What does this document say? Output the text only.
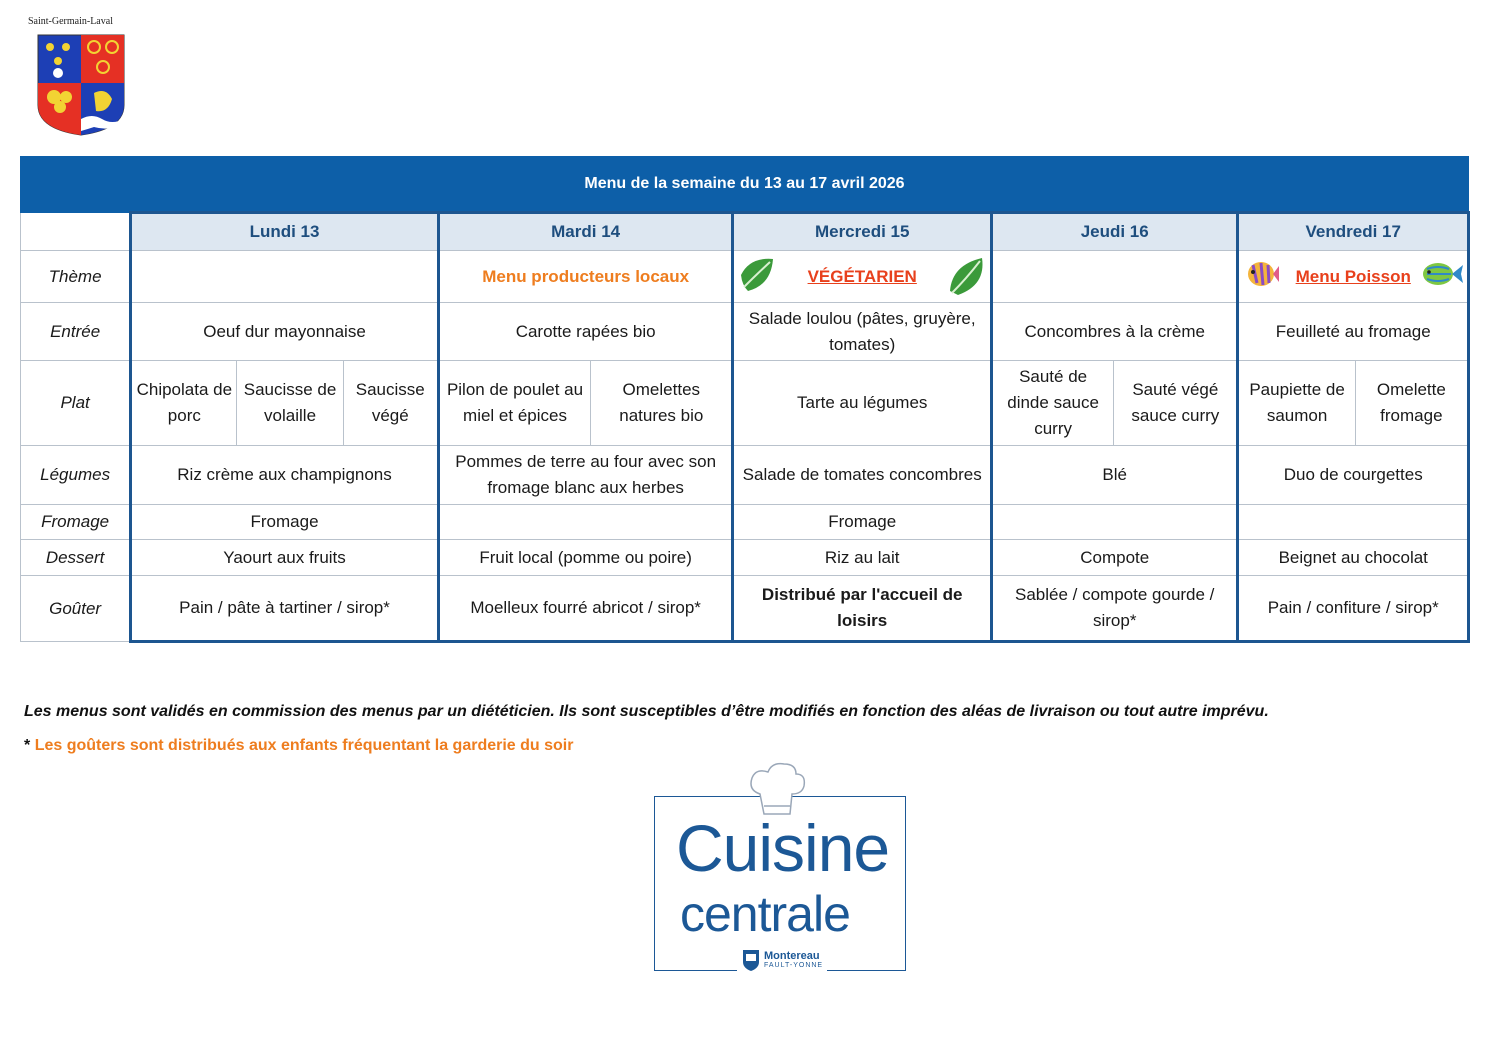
Saint-Germain-Laval
Menu de la semaine du 13 au 17 avril 2026										
	Lundi 13			Mardi 14		Mercredi 15	Jeudi 16		Vendredi 17	
Thème				Menu producteurs locaux		VÉGÉTARIEN			Menu Poisson	

Entrée	Oeuf dur mayonnaise			Carotte rapées bio		Salade loulou (pâtes, gruyère, tomates)	Concombres à la crème		Feuilleté au fromage	
Plat	Chipolata de porc	Saucisse de volaille	Saucisse végé	Pilon de poulet au miel et épices	Omelettes natures bio	Tarte au légumes	Sauté de dinde sauce curry	Sauté végé sauce curry	Paupiette de saumon	Omelette fromage
Légumes	Riz crème aux champignons			Pommes de terre au four avec son fromage blanc aux herbes		Salade de tomates concombres	Blé		Duo de courgettes	
Fromage	Fromage					Fromage				
Dessert	Yaourt aux fruits			Fruit local (pomme ou poire)		Riz au lait	Compote		Beignet au chocolat	
Goûter	Pain / pâte à tartiner / sirop*			Moelleux fourré abricot / sirop*		Distribué par l'accueil de loisirs	Sablée / compote gourde / sirop*		Pain / confiture / sirop*	
Les menus sont validés en commission des menus par un diététicien. Ils sont susceptibles d’être modifiés en fonction des aléas de livraison ou tout autre imprévu.
* Les goûters sont distribués aux enfants fréquentant la garderie du soir
Cuisine
centrale
Montereau
FAULT-YONNE
